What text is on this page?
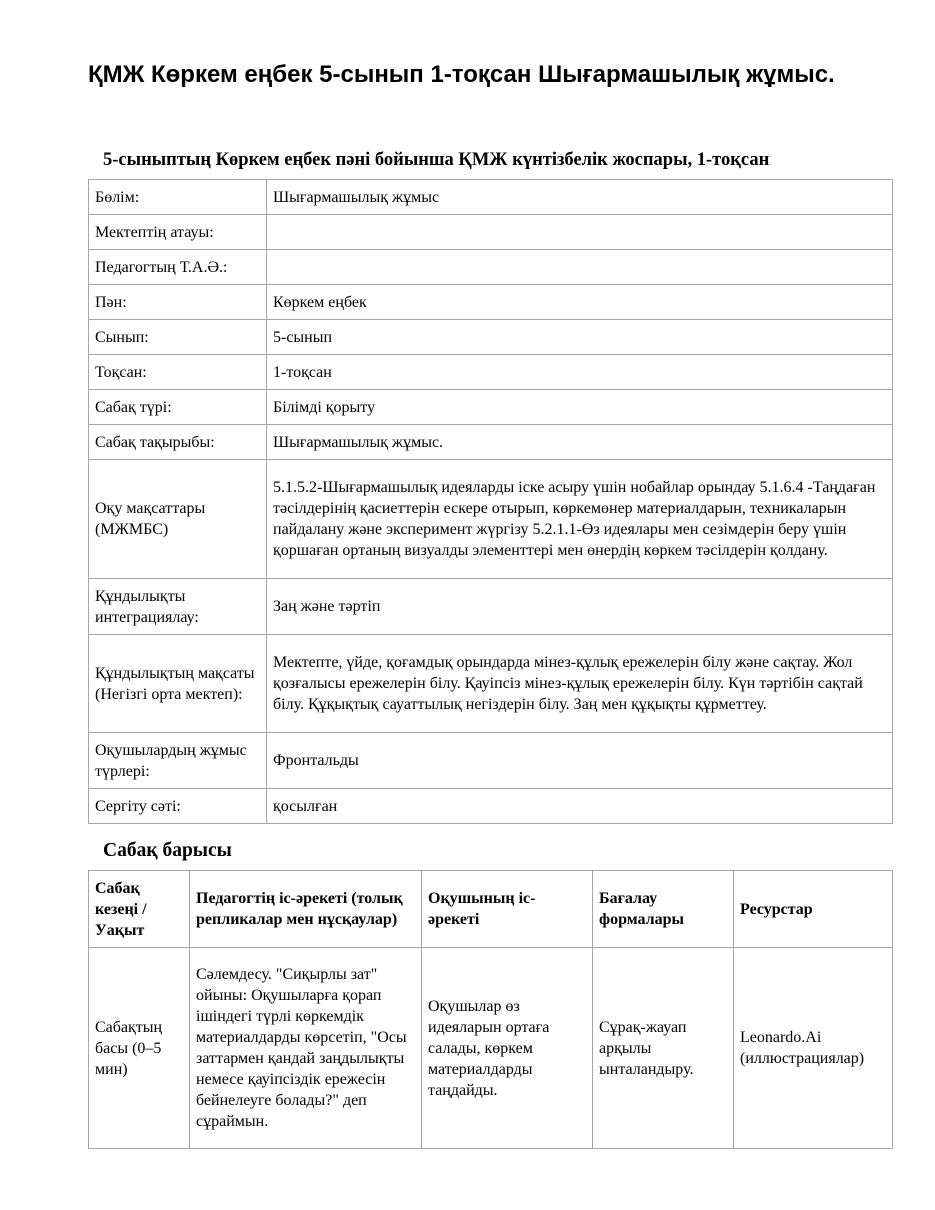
ҚМЖ Көркем еңбек 5-сынып 1-тоқсан Шығармашылық жұмыс.
5-сыныптың Көркем еңбек пәні бойынша ҚМЖ күнтізбелік жоспары, 1-тоқсан
Бөлім:	Шығармашылық жұмыс
Мектептің атауы:	
Педагогтың Т.А.Ә.:	
Пән:	Көркем еңбек
Сынып:	5-сынып
Тоқсан:	1-тоқсан
Сабақ түрі:	Білімді қорыту
Сабақ тақырыбы:	Шығармашылық жұмыс.
Оқу мақсаттары (МЖМБС)	5.1.5.2-Шығармашылық идеяларды іске асыру үшін нобайлар орындау 5.1.6.4 -Таңдаған тәсілдерінің қасиеттерін ескере отырып, көркемөнер материалдарын, техникаларын пайдалану және эксперимент жүргізу 5.2.1.1-Өз идеялары мен сезімдерін беру үшін қоршаған ортаның визуалды элементтері мен өнердің көркем тәсілдерін қолдану.
Құндылықты интеграциялау:	Заң және тәртіп
Құндылықтың мақсаты (Негізгі орта мектеп):	Мектепте, үйде, қоғамдық орындарда мінез-құлық ережелерін білу және сақтау. Жол қозғалысы ережелерін білу. Қауіпсіз мінез-құлық ережелерін білу. Күн тәртібін сақтай білу. Құқықтық сауаттылық негіздерін білу. Заң мен құқықты құрметтеу.
Оқушылардың жұмыс түрлері:	Фронтальды
Сергіту сәті:	қосылған
Сабақ барысы
Сабақ кезеңі / Уақыт	Педагогтің іс-әрекеті (толық репликалар мен нұсқаулар)	Оқушының іс-әрекеті	Бағалау формалары	Ресурстар
Сабақтың басы (0–5 мин)	Сәлемдесу. "Сиқырлы зат" ойыны: Оқушыларға қорап ішіндегі түрлі көркемдік материалдарды көрсетіп, "Осы заттармен қандай заңдылықты немесе қауіпсіздік ережесін бейнелеуге болады?" деп сұраймын.	Оқушылар өз идеяларын ортаға салады, көркем материалдарды таңдайды.	Сұрақ-жауап арқылы ынталандыру.	Leonardo.Ai (иллюстрациялар)
